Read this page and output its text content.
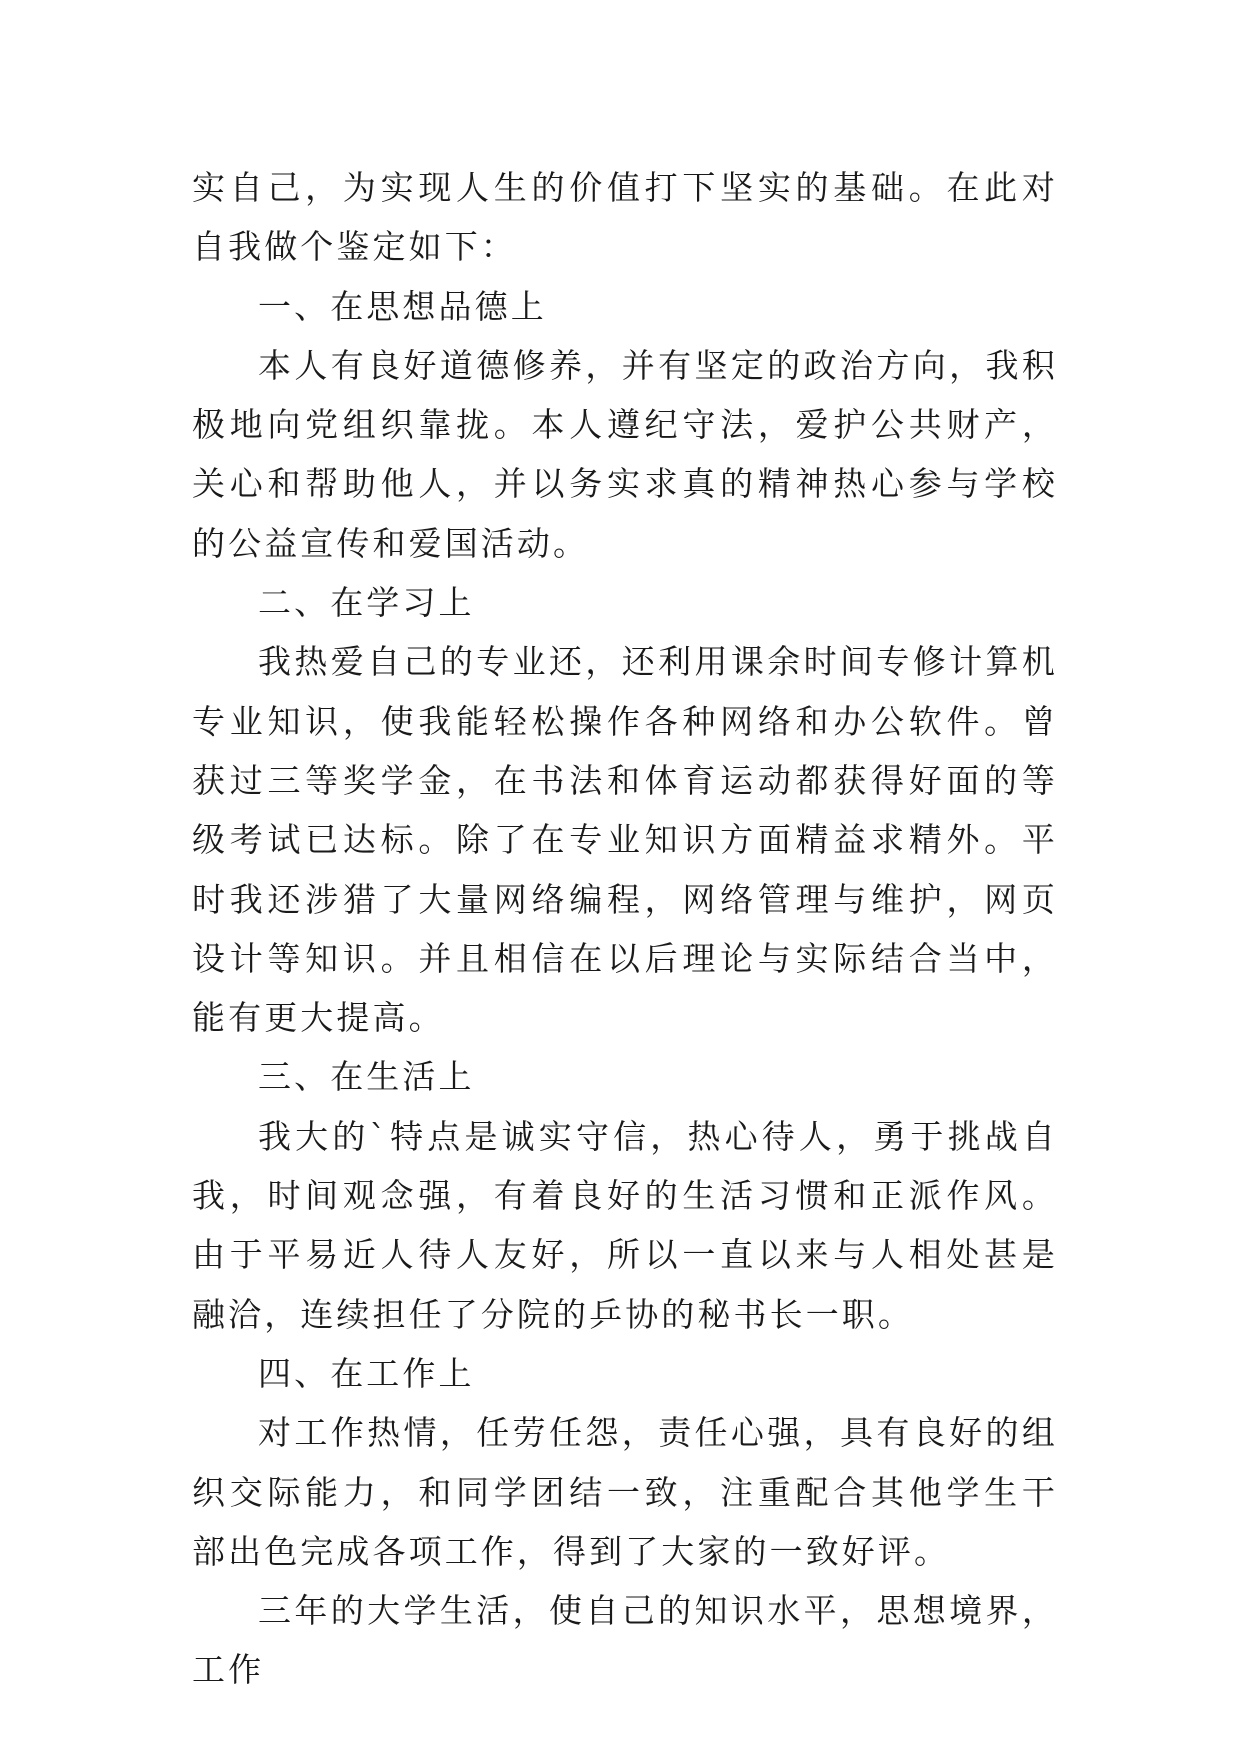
实自己，为实现人生的价值打下坚实的基础。在此对自我做个鉴定如下：

一、在思想品德上

本人有良好道德修养，并有坚定的政治方向，我积极地向党组织靠拢。本人遵纪守法，爱护公共财产，关心和帮助他人，并以务实求真的精神热心参与学校的公益宣传和爱国活动。

二、在学习上

我热爱自己的专业还，还利用课余时间专修计算机专业知识，使我能轻松操作各种网络和办公软件。曾获过三等奖学金，在书法和体育运动都获得好面的等级考试已达标。除了在专业知识方面精益求精外。平时我还涉猎了大量网络编程，网络管理与维护，网页设计等知识。并且相信在以后理论与实际结合当中，能有更大提高。

三、在生活上

我大的`特点是诚实守信，热心待人，勇于挑战自我，时间观念强，有着良好的生活习惯和正派作风。由于平易近人待人友好，所以一直以来与人相处甚是融洽，连续担任了分院的乒协的秘书长一职。

四、在工作上

对工作热情，任劳任怨，责任心强，具有良好的组织交际能力，和同学团结一致，注重配合其他学生干部出色完成各项工作，得到了大家的一致好评。

三年的大学生活，使自己的知识水平，思想境界，工作
